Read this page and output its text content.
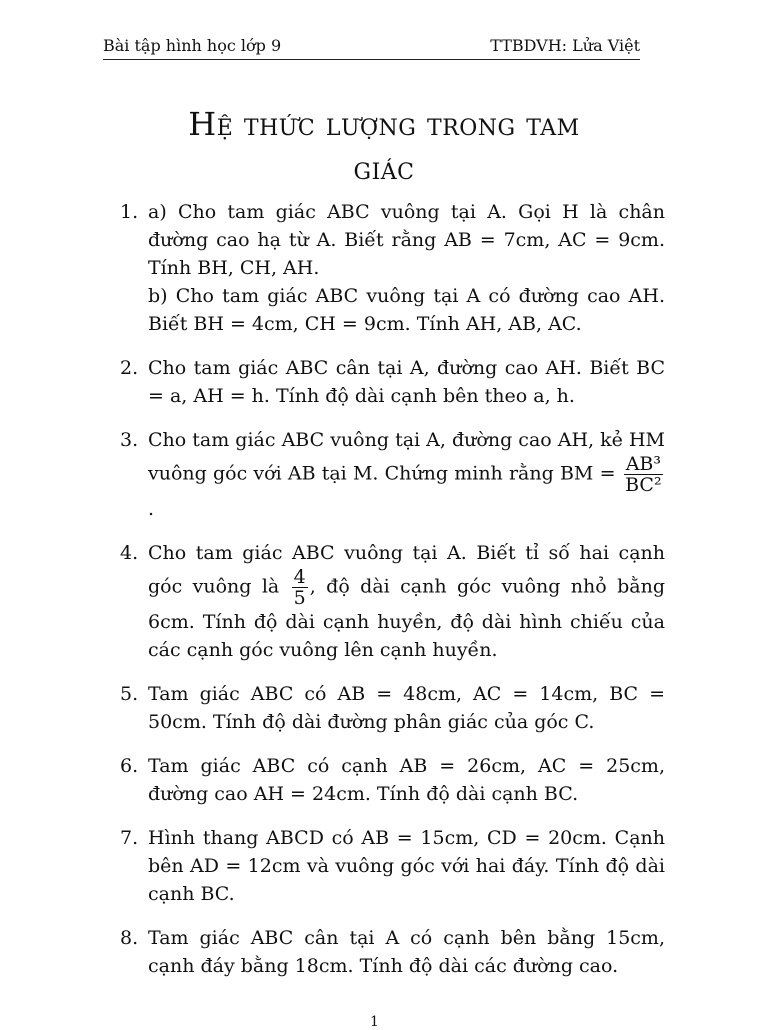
Bài tập hình học lớp 9	TTBDVH: Lửa Việt
Hệ thức lượng trong tam
giác
1. a) Cho tam giác ABC vuông tại A. Gọi H là chân đường cao hạ từ A. Biết rằng AB = 7cm, AC = 9cm. Tính BH, CH, AH.
b) Cho tam giác ABC vuông tại A có đường cao AH. Biết BH = 4cm, CH = 9cm. Tính AH, AB, AC.
2. Cho tam giác ABC cân tại A, đường cao AH. Biết BC = a, AH = h. Tính độ dài cạnh bên theo a, h.
3. Cho tam giác ABC vuông tại A, đường cao AH, kẻ HM vuông góc với AB tại M. Chứng minh rằng BM = $\frac{\text{AB³}}{\text{BC²}}$
.
4. Cho tam giác ABC vuông tại A. Biết tỉ số hai cạnh góc vuông là $\frac{4}{5}$ , độ dài cạnh góc vuông nhỏ bằng 6cm. Tính độ dài cạnh huyền, độ dài hình chiếu của các cạnh góc vuông lên cạnh huyền.
5. Tam giác ABC có AB = 48cm, AC = 14cm, BC = 50cm. Tính độ dài đường phân giác của góc C.
6. Tam giác ABC có cạnh AB = 26cm, AC = 25cm, đường cao AH = 24cm. Tính độ dài cạnh BC.
7. Hình thang ABCD có AB = 15cm, CD = 20cm. Cạnh bên AD = 12cm và vuông góc với hai đáy. Tính độ dài cạnh BC.
8. Tam giác ABC cân tại A có cạnh bên bằng 15cm, cạnh đáy bằng 18cm. Tính độ dài các đường cao.
1
